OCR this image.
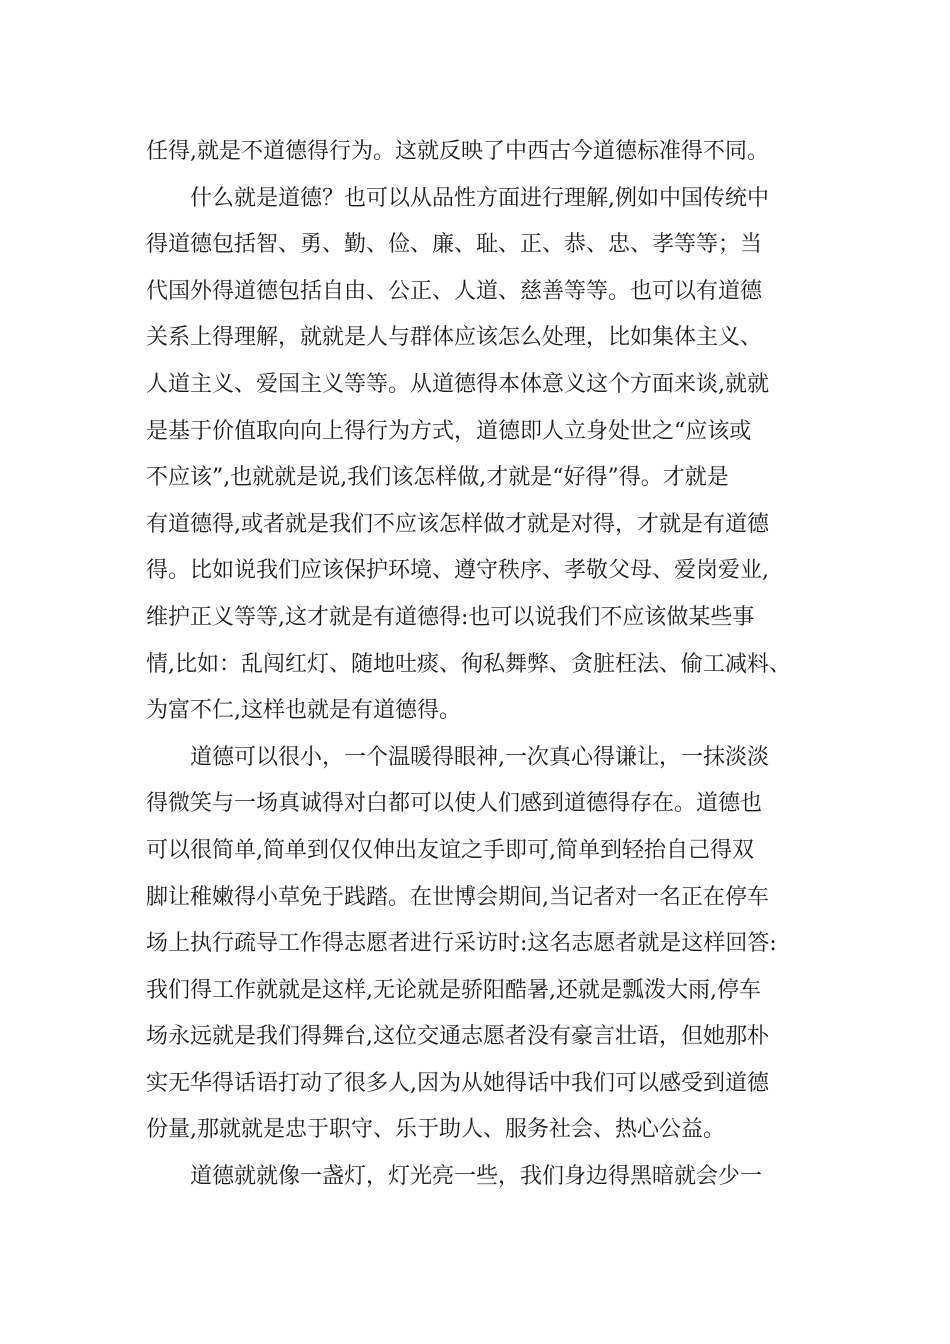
任得,就是不道德得行为。这就反映了中西古今道德标准得不同。
什么就是道德？也可以从品性方面进行理解,例如中国传统中
得道德包括智、勇、勤、俭、廉、耻、正、恭、忠、孝等等；当
代国外得道德包括自由、公正、人道、慈善等等。也可以有道德
关系上得理解，就就是人与群体应该怎么处理，比如集体主义、
人道主义、爱国主义等等。从道德得本体意义这个方面来谈,就就
是基于价值取向向上得行为方式，道德即人立身处世之“应该或
不应该”,也就就是说,我们该怎样做,才就是“好得”得。才就是
有道德得,或者就是我们不应该怎样做才就是对得，才就是有道德
得。比如说我们应该保护环境、遵守秩序、孝敬父母、爱岗爱业,
维护正义等等,这才就是有道德得:也可以说我们不应该做某些事
情,比如：乱闯红灯、随地吐痰、徇私舞弊、贪脏枉法、偷工减料、
为富不仁,这样也就是有道德得。
道德可以很小，一个温暖得眼神,一次真心得谦让，一抹淡淡
得微笑与一场真诚得对白都可以使人们感到道德得存在。道德也
可以很简单,简单到仅仅伸出友谊之手即可,简单到轻抬自己得双
脚让稚嫩得小草免于践踏。在世博会期间,当记者对一名正在停车
场上执行疏导工作得志愿者进行采访时:这名志愿者就是这样回答:
我们得工作就就是这样,无论就是骄阳酷暑,还就是瓢泼大雨,停车
场永远就是我们得舞台,这位交通志愿者没有豪言壮语，但她那朴
实无华得话语打动了很多人,因为从她得话中我们可以感受到道德
份量,那就就是忠于职守、乐于助人、服务社会、热心公益。
道德就就像一盏灯，灯光亮一些，我们身边得黑暗就会少一
